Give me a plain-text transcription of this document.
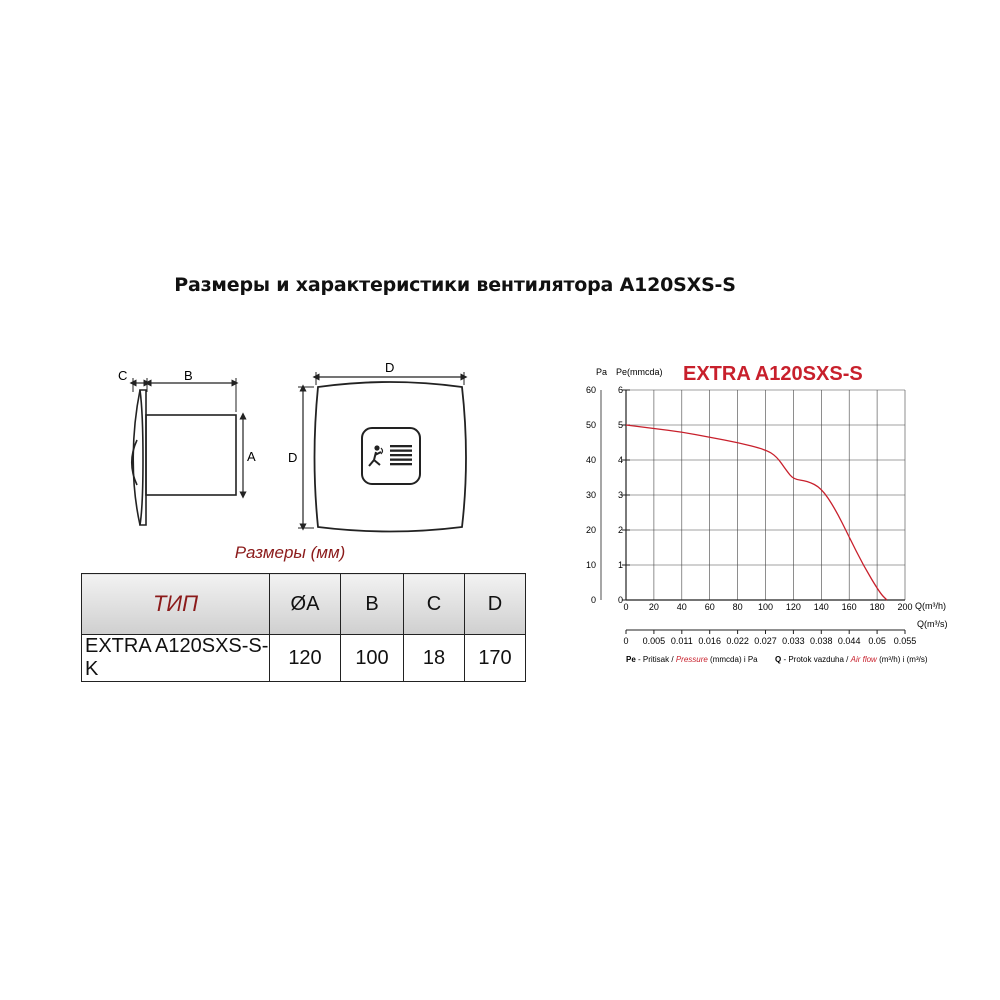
Размеры и характеристики вентилятора A120SXS-S
C	B
A
D
D
Размеры (мм)
ТИП	ØA	B	C	D
EXTRA A120SXS-S-K	120	100	18	170
EXTRA A120SXS-S
0 20 40 60 80 100 120 140 160 180 200
0 0
10 1
20 2
30 3
40 4
50 5
60 6
Pa Pe(mmcda)
Q(m³/h)
0 0.005 0.011 0.016 0.022 0.027 0.033 0.038 0.044 0.05 0.055
Q(m³/s)
Pe - Pritisak / Pressure (mmcda) i Pa Q - Protok vazduha / Air flow (m³/h) i (m³/s)
